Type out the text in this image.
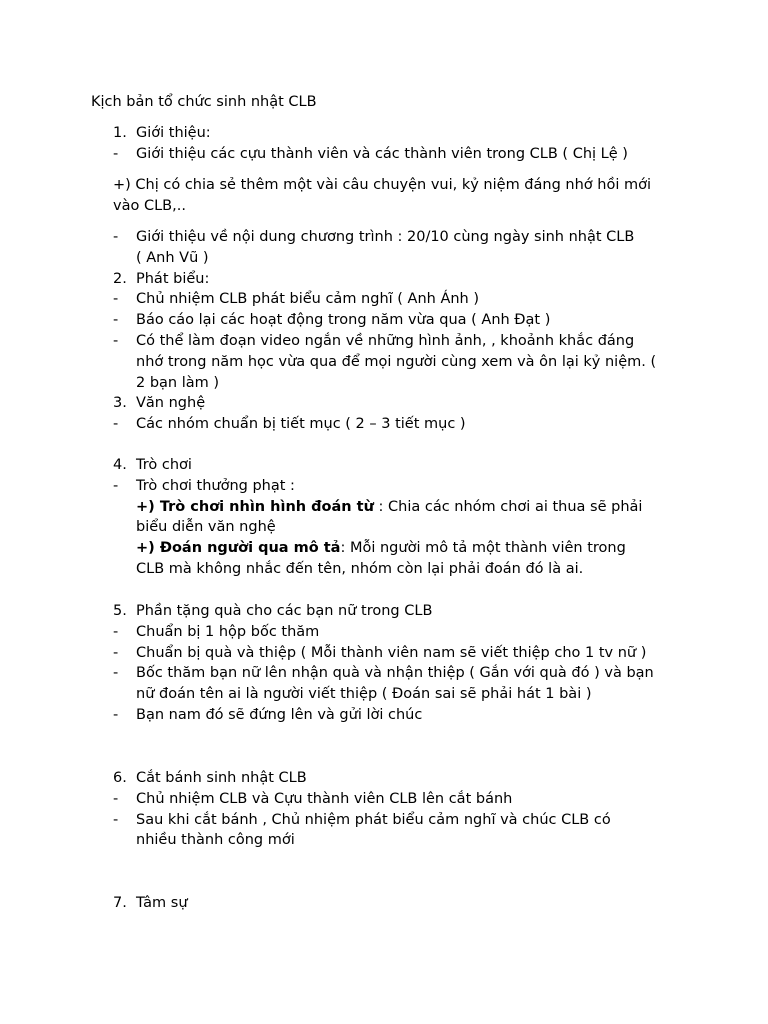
Kịch bản tổ chức sinh nhật CLB
1. Giới thiệu:
- Giới thiệu các cựu thành viên và các thành viên trong CLB ( Chị Lệ )
+) Chị có chia sẻ thêm một vài câu chuyện vui, kỷ niệm đáng nhớ hồi mới
vào CLB,..
- Giới thiệu về nội dung chương trình : 20/10 cùng ngày sinh nhật CLB
( Anh Vũ )
2. Phát biểu:
- Chủ nhiệm CLB phát biểu cảm nghĩ ( Anh Ánh )
- Báo cáo lại các hoạt động trong năm vừa qua ( Anh Đạt )
- Có thể làm đoạn video ngắn về những hình ảnh, , khoảnh khắc đáng
nhớ trong năm học vừa qua để mọi người cùng xem và ôn lại kỷ niệm. (
2 bạn làm )
3. Văn nghệ
- Các nhóm chuẩn bị tiết mục ( 2 – 3 tiết mục )
4. Trò chơi
- Trò chơi thưởng phạt :
+) Trò chơi nhìn hình đoán từ : Chia các nhóm chơi ai thua sẽ phải
biểu diễn văn nghệ
+) Đoán người qua mô tả: Mỗi người mô tả một thành viên trong
CLB mà không nhắc đến tên, nhóm còn lại phải đoán đó là ai.
5. Phần tặng quà cho các bạn nữ trong CLB
- Chuẩn bị 1 hộp bốc thăm
- Chuẩn bị quà và thiệp ( Mỗi thành viên nam sẽ viết thiệp cho 1 tv nữ )
- Bốc thăm bạn nữ lên nhận quà và nhận thiệp ( Gắn với quà đó ) và bạn
nữ đoán tên ai là người viết thiệp ( Đoán sai sẽ phải hát 1 bài )
- Bạn nam đó sẽ đứng lên và gửi lời chúc
6. Cắt bánh sinh nhật CLB
- Chủ nhiệm CLB và Cựu thành viên CLB lên cắt bánh
- Sau khi cắt bánh , Chủ nhiệm phát biểu cảm nghĩ và chúc CLB có
nhiều thành công mới
7. Tâm sự
